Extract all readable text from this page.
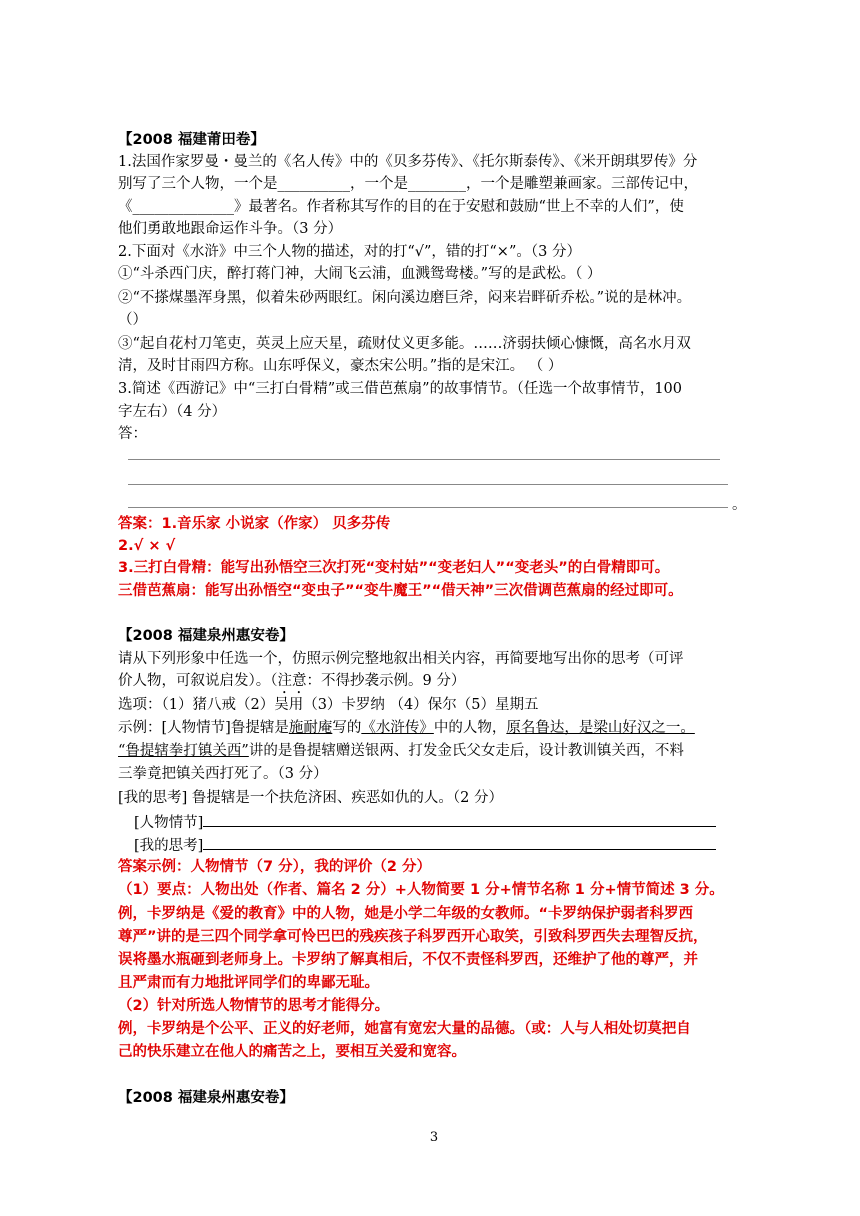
【2008 福建莆田卷】
1.法国作家罗曼・曼兰的《名人传》中的《贝多芬传》、《托尔斯泰传》、《米开朗琪罗传》分
别写了三个人物，一个是__________，一个是________，一个是雕塑兼画家。三部传记中，
《______________》最著名。作者称其写作的目的在于安慰和鼓励“世上不幸的人们”，使
他们勇敢地跟命运作斗争。（3 分）
2.下面对《水浒》中三个人物的描述，对的打“√”，错的打“×”。（3 分）
①“斗杀西门庆，醉打蒋门神，大闹飞云浦，血溅鸳鸯楼。”写的是武松。（ ）
②“不搽煤墨浑身黑，似着朱砂两眼红。闲向溪边磨巨斧，闷来岩畔斫乔松。”说的是林冲。
（）
③“起自花村刀笔吏，英灵上应天星，疏财仗义更多能。……济弱扶倾心慷慨，高名水月双
清，及时甘雨四方称。山东呼保义，豪杰宋公明。”指的是宋江。 （ ）
3.简述《西游记》中“三打白骨精”或三借芭蕉扇”的故事情节。（任选一个故事情节，100
字左右）（4 分）
答：
。
答案：1.音乐家 小说家（作家） 贝多芬传
2.√ × √
3.三打白骨精：能写出孙悟空三次打死“变村姑”“变老妇人”“变老头”的白骨精即可。
三借芭蕉扇：能写出孙悟空“变虫子”“变牛魔王”“借天神”三次借调芭蕉扇的经过即可。
【2008 福建泉州惠安卷】
请从下列形象中任选一个，仿照示例完整地叙出相关内容，再简要地写出你的思考（可评
价人物，可叙说启发）。（注意：不得抄袭示例。9 分）
选项：（1）猪八戒（2）吴用（3）卡罗纳 （4）保尔（5）星期五
示例：[人物情节]鲁提辖是施耐庵写的《水浒传》中的人物，原名鲁达，是梁山好汉之一。
“鲁提辖拳打镇关西”讲的是鲁提辖赠送银两、打发金氏父女走后，设计教训镇关西，不料
三拳竟把镇关西打死了。（3 分）
[我的思考] 鲁提辖是一个扶危济困、疾恶如仇的人。（2 分）
[人物情节]
[我的思考]
答案示例：人物情节（7 分），我的评价（2 分）
（1）要点：人物出处（作者、篇名 2 分）+人物简要 1 分+情节名称 1 分+情节简述 3 分。
例，卡罗纳是《爱的教育》中的人物，她是小学二年级的女教师。“卡罗纳保护弱者科罗西
尊严”讲的是三四个同学拿可怜巴巴的残疾孩子科罗西开心取笑，引致科罗西失去理智反抗，
误将墨水瓶砸到老师身上。卡罗纳了解真相后，不仅不责怪科罗西，还维护了他的尊严，并
且严肃而有力地批评同学们的卑鄙无耻。
（2）针对所选人物情节的思考才能得分。
例，卡罗纳是个公平、正义的好老师，她富有宽宏大量的品德。（或：人与人相处切莫把自
己的快乐建立在他人的痛苦之上，要相互关爱和宽容。
【2008 福建泉州惠安卷】
3
